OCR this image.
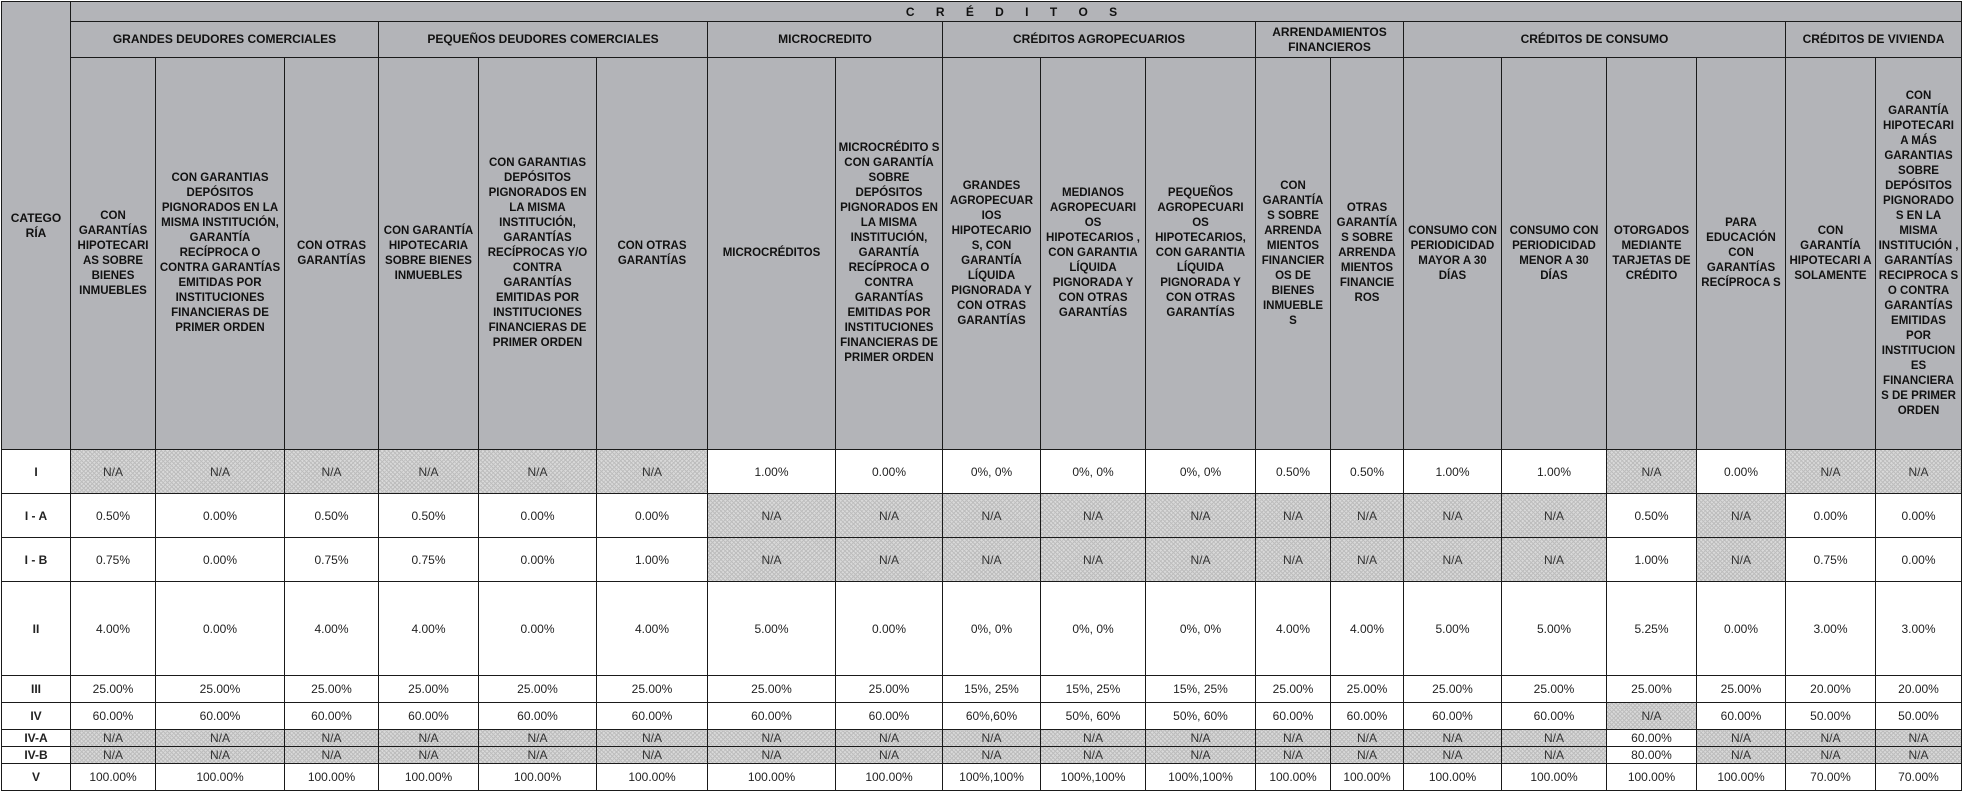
CATEGO RÍA	C R É D I T O S																		
	GRANDES DEUDORES COMERCIALES			PEQUEÑOS DEUDORES COMERCIALES			MICROCREDITO		CRÉDITOS AGROPECUARIOS			ARRENDAMIENTOS FINANCIEROS		CRÉDITOS DE CONSUMO				CRÉDITOS DE VIVIENDA	
	CON GARANTÍAS HIPOTECARI AS SOBRE BIENES INMUEBLES	CON GARANTIAS DEPÓSITOS PIGNORADOS EN LA MISMA INSTITUCIÓN, GARANTÍA RECÍPROCA O CONTRA GARANTÍAS EMITIDAS POR INSTITUCIONES FINANCIERAS DE PRIMER ORDEN	CON OTRAS GARANTÍAS	CON GARANTÍA HIPOTECARIA SOBRE BIENES INMUEBLES	CON GARANTIAS DEPÓSITOS PIGNORADOS EN LA MISMA INSTITUCIÓN, GARANTÍAS RECÍPROCAS Y/O CONTRA GARANTÍAS EMITIDAS POR INSTITUCIONES FINANCIERAS DE PRIMER ORDEN	CON OTRAS GARANTÍAS	MICROCRÉDITOS	MICROCRÉDITO S CON GARANTÍA SOBRE DEPÓSITOS PIGNORADOS EN LA MISMA INSTITUCIÓN, GARANTÍA RECÍPROCA O CONTRA GARANTÍAS EMITIDAS POR INSTITUCIONES FINANCIERAS DE PRIMER ORDEN	GRANDES AGROPECUAR IOS HIPOTECARIO S, CON GARANTÍA LÍQUIDA PIGNORADA Y CON OTRAS GARANTÍAS	MEDIANOS AGROPECUARI OS HIPOTECARIOS , CON GARANTIA LÍQUIDA PIGNORADA Y CON OTRAS GARANTÍAS	PEQUEÑOS AGROPECUARI OS HIPOTECARIOS, CON GARANTIA LÍQUIDA PIGNORADA Y CON OTRAS GARANTÍAS	CON GARANTÍA S SOBRE ARRENDA MIENTOS FINANCIER OS DE BIENES INMUEBLE S	OTRAS GARANTÍA S SOBRE ARRENDA MIENTOS FINANCIE ROS	CONSUMO CON PERIODICIDAD MAYOR A 30 DÍAS	CONSUMO CON PERIODICIDAD MENOR A 30 DÍAS	OTORGADOS MEDIANTE TARJETAS DE CRÉDITO	PARA EDUCACIÓN CON GARANTÍAS RECÍPROCA S	CON GARANTÍA HIPOTECARI A SOLAMENTE	CON GARANTÍA HIPOTECARI A MÁS GARANTIAS SOBRE DEPÓSITOS PIGNORADO S EN LA MISMA INSTITUCIÓN , GARANTÍAS RECIPROCA S O CONTRA GARANTÍAS EMITIDAS POR INSTITUCION ES FINANCIERA S DE PRIMER ORDEN
I	N/A	N/A	N/A	N/A	N/A	N/A	1.00%	0.00%	0%, 0%	0%, 0%	0%, 0%	0.50%	0.50%	1.00%	1.00%	N/A	0.00%	N/A	N/A
I - A	0.50%	0.00%	0.50%	0.50%	0.00%	0.00%	N/A	N/A	N/A	N/A	N/A	N/A	N/A	N/A	N/A	0.50%	N/A	0.00%	0.00%
I - B	0.75%	0.00%	0.75%	0.75%	0.00%	1.00%	N/A	N/A	N/A	N/A	N/A	N/A	N/A	N/A	N/A	1.00%	N/A	0.75%	0.00%
II	4.00%	0.00%	4.00%	4.00%	0.00%	4.00%	5.00%	0.00%	0%, 0%	0%, 0%	0%, 0%	4.00%	4.00%	5.00%	5.00%	5.25%	0.00%	3.00%	3.00%
III	25.00%	25.00%	25.00%	25.00%	25.00%	25.00%	25.00%	25.00%	15%, 25%	15%, 25%	15%, 25%	25.00%	25.00%	25.00%	25.00%	25.00%	25.00%	20.00%	20.00%
IV	60.00%	60.00%	60.00%	60.00%	60.00%	60.00%	60.00%	60.00%	60%,60%	50%, 60%	50%, 60%	60.00%	60.00%	60.00%	60.00%	N/A	60.00%	50.00%	50.00%
IV-A	N/A	N/A	N/A	N/A	N/A	N/A	N/A	N/A	N/A	N/A	N/A	N/A	N/A	N/A	N/A	60.00%	N/A	N/A	N/A
IV-B	N/A	N/A	N/A	N/A	N/A	N/A	N/A	N/A	N/A	N/A	N/A	N/A	N/A	N/A	N/A	80.00%	N/A	N/A	N/A
V	100.00%	100.00%	100.00%	100.00%	100.00%	100.00%	100.00%	100.00%	100%,100%	100%,100%	100%,100%	100.00%	100.00%	100.00%	100.00%	100.00%	100.00%	70.00%	70.00%
